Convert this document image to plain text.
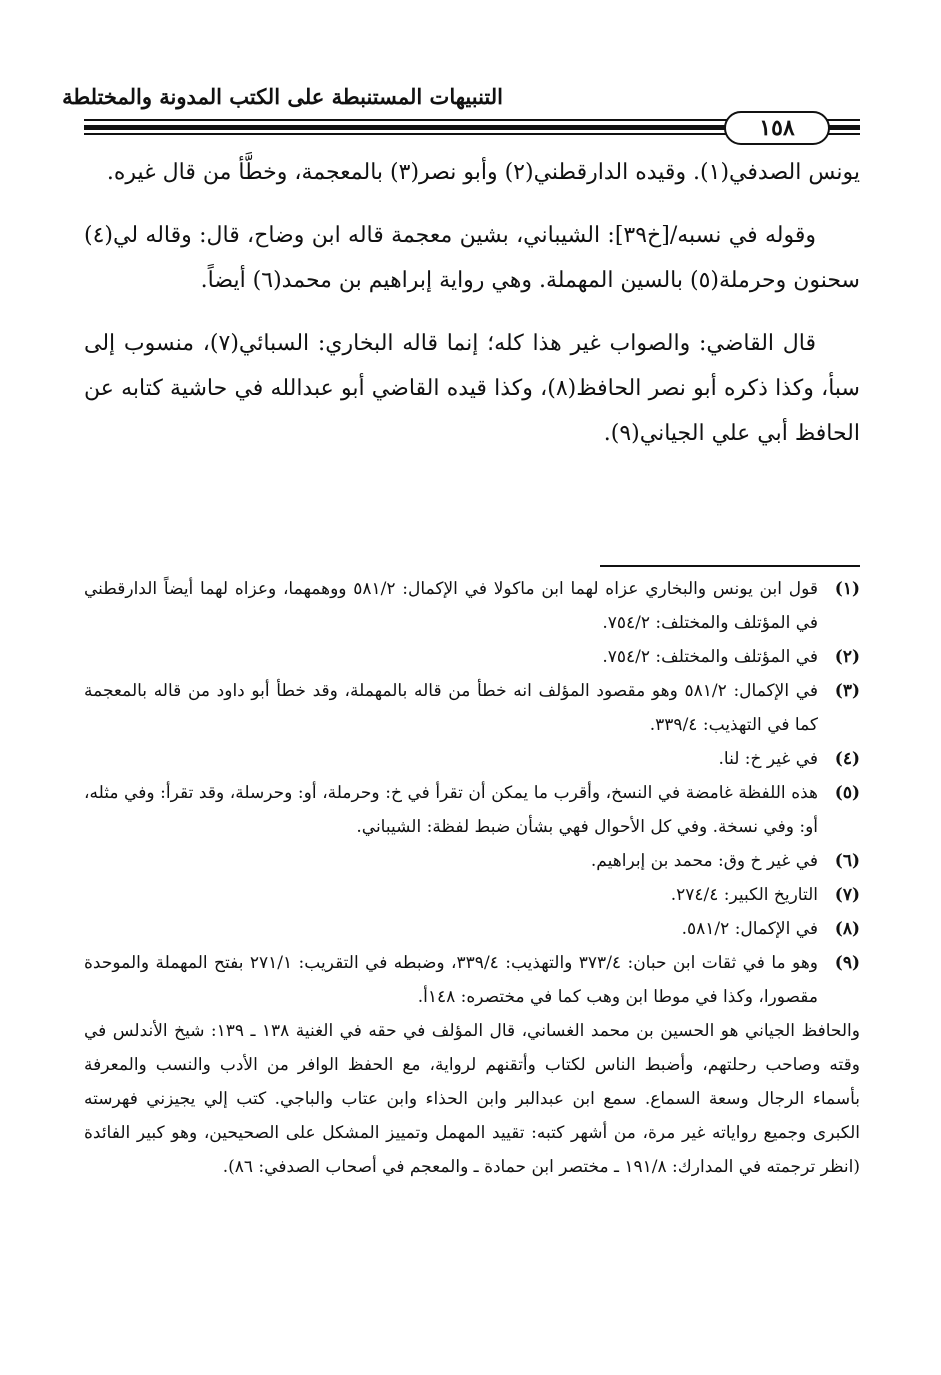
التنبيهات المستنبطة على الكتب المدونة والمختلطة
١٥٨

يونس الصدفي(١). وقيده الدارقطني(٢) وأبو نصر(٣) بالمعجمة، وخطَّأ من قال غيره.

وقوله في نسبه/[خ٣٩]: الشيباني، بشين معجمة قاله ابن وضاح، قال: وقاله لي(٤) سحنون وحرملة(٥) بالسين المهملة. وهي رواية إبراهيم بن محمد(٦) أيضاً.

قال القاضي: والصواب غير هذا كله؛ إنما قاله البخاري: السبائي(٧)، منسوب إلى سبأ، وكذا ذكره أبو نصر الحافظ(٨)، وكذا قيده القاضي أبو عبدالله في حاشية كتابه عن الحافظ أبي علي الجياني(٩).

(١)
قول ابن يونس والبخاري عزاه لهما ابن ماكولا في الإكمال: ٥٨١/٢ ووهمهما، وعزاه لهما أيضاً الدارقطني في المؤتلف والمختلف: ٧٥٤/٢.
(٢)
في المؤتلف والمختلف: ٧٥٤/٢.
(٣)
في الإكمال: ٥٨١/٢ وهو مقصود المؤلف انه خطأ من قاله بالمهملة، وقد خطأ أبو داود من قاله بالمعجمة كما في التهذيب: ٣٣٩/٤.
(٤)
في غير خ: لنا.
(٥)
هذه اللفظة غامضة في النسخ، وأقرب ما يمكن أن تقرأ في خ: وحرملة، أو: وحرسلة، وقد تقرأ: وفي مثله، أو: وفي نسخة. وفي كل الأحوال فهي بشأن ضبط لفظة: الشيباني.
(٦)
في غير خ وق: محمد بن إبراهيم.
(٧)
التاريخ الكبير: ٢٧٤/٤.
(٨)
في الإكمال: ٥٨١/٢.
(٩)
وهو ما في ثقات ابن حبان: ٣٧٣/٤ والتهذيب: ٣٣٩/٤، وضبطه في التقريب: ٢٧١/١ بفتح المهملة والموحدة مقصورا، وكذا في موطا ابن وهب كما في مختصره: ١٤٨أ.

والحافظ الجياني هو الحسين بن محمد الغساني، قال المؤلف في حقه في الغنية ١٣٨ ـ ١٣٩: شيخ الأندلس في وقته وصاحب رحلتهم، وأضبط الناس لكتاب وأتقنهم لرواية، مع الحفظ الوافر من الأدب والنسب والمعرفة بأسماء الرجال وسعة السماع. سمع ابن عبدالبر وابن الحذاء وابن عتاب والباجي. كتب إلي يجيزني فهرسته الكبرى وجميع رواياته غير مرة، من أشهر كتبه: تقييد المهمل وتمييز المشكل على الصحيحين، وهو كبير الفائدة (انظر ترجمته في المدارك: ١٩١/٨ ـ مختصر ابن حمادة ـ والمعجم في أصحاب الصدفي: ٨٦).
